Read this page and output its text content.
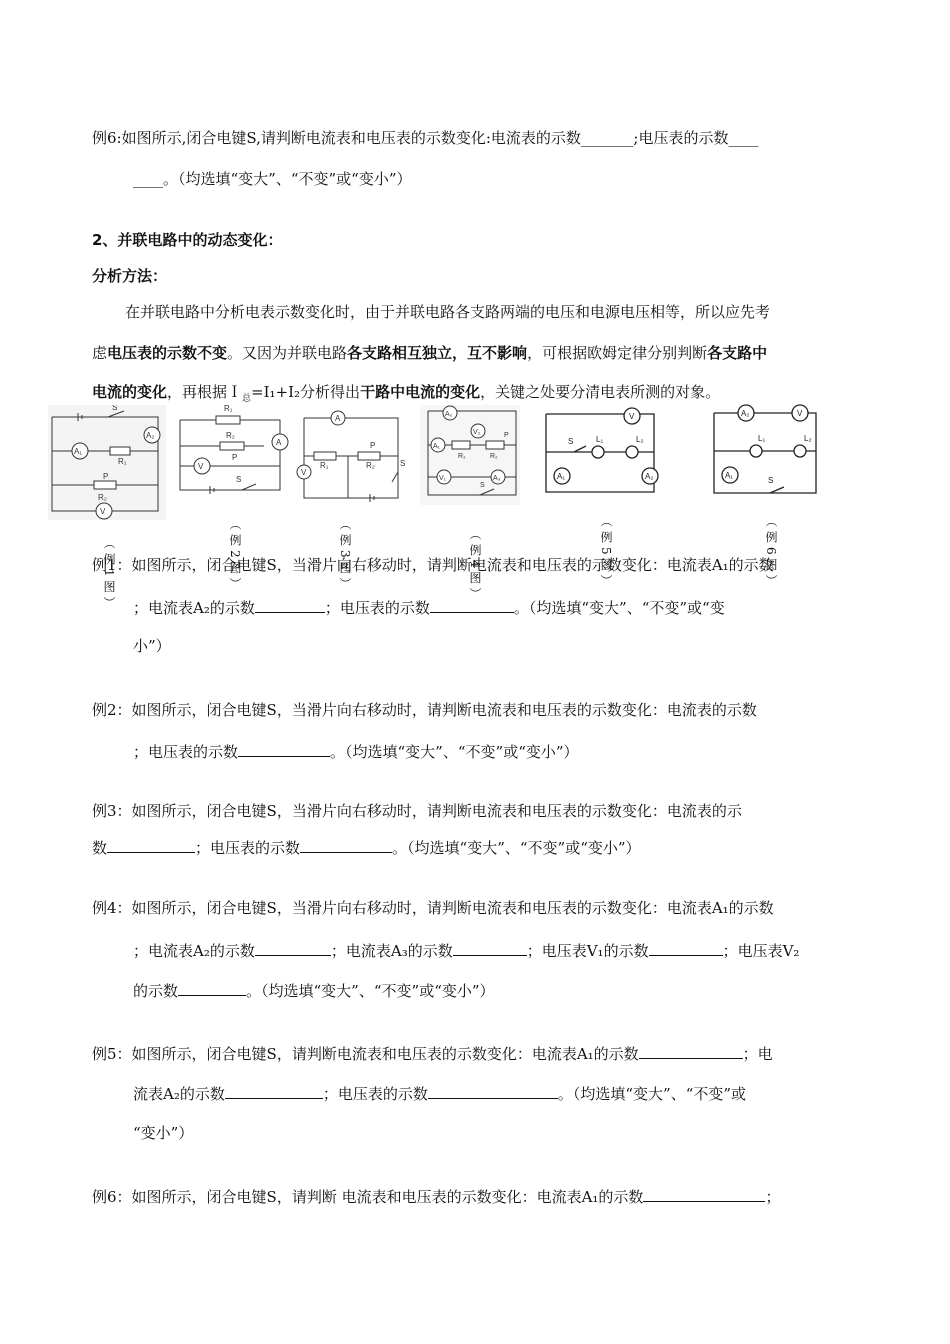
例6:如图所示,闭合电键S,请判断电流表和电压表的示数变化:电流表的示数_______;电压表的示数____
____。（均选填“变大”、“不变”或“变小”）
2、并联电路中的动态变化：
分析方法：
在并联电路中分析电表示数变化时，由于并联电路各支路两端的电压和电源电压相等，所以应先考
虑电压表的示数不变。又因为并联电路各支路相互独立，互不影响，可根据欧姆定律分别判断各支路中
电流的变化，再根据Ｉ$_总$=I₁+I₂分析得出干路中电流的变化，关键之处要分清电表所测的对象。
S
A₁
A₂
R₁
P
R₂
V
R₁
R₂
A
V
P
S
A
V
R₁	R₂
P
S
A₂
V₂
A₁
R₁	R₂
P
V₁	A₃
S
V
S	L₁	L₂
A₁	A₂
A₂	V
L₁	L₂
A₁
S
（例1图）	（例2图）	（例3图）	（例4图）	（例5图）	（例6图）
例1：如图所示，闭合电键S，当滑片向右移动时，请判断电流表和电压表的示数变化：电流表A₁的示数
；电流表A₂的示数	；电压表的示数	。（均选填“变大”、“不变”或“变
小”）
例2：如图所示，闭合电键S，当滑片向右移动时，请判断电流表和电压表的示数变化：电流表的示数
；电压表的示数	。（均选填“变大”、“不变”或“变小”）
例3：如图所示，闭合电键S，当滑片向右移动时，请判断电流表和电压表的示数变化：电流表的示
数	；电压表的示数	。（均选填“变大”、“不变”或“变小”）
例4：如图所示，闭合电键S，当滑片向右移动时，请判断电流表和电压表的示数变化：电流表A₁的示数
；电流表A₂的示数	；电流表A₃的示数	；电压表V₁的示数	；电压表V₂
的示数	。（均选填“变大”、“不变”或“变小”）
例5：如图所示，闭合电键S，请判断电流表和电压表的示数变化：电流表A₁的示数	；电
流表A₂的示数	；电压表的示数	。（均选填“变大”、“不变”或
“变小”）
例6：如图所示，闭合电键S，请判断 电流表和电压表的示数变化：电流表A₁的示数	；
